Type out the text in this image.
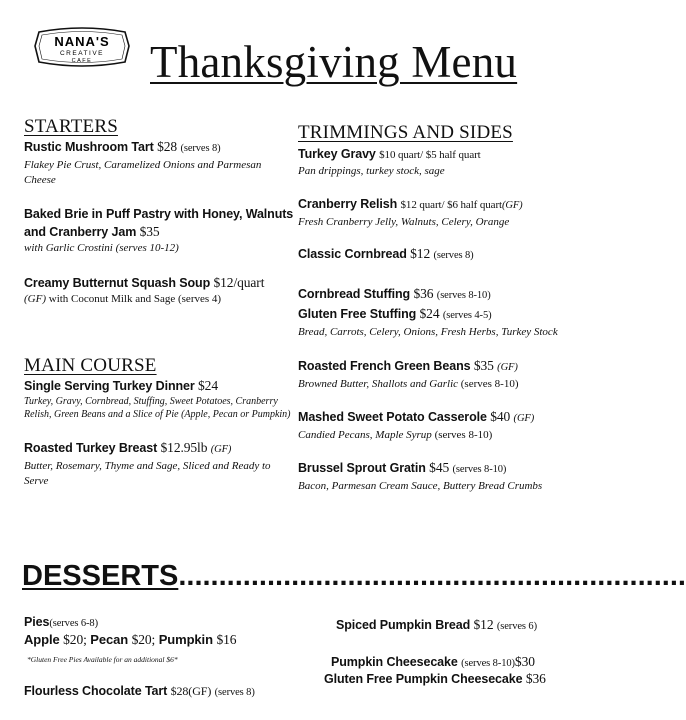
NANA'S
CREATIVE
CAFE Thanksgiving Menu
STARTERS
Rustic Mushroom Tart $28 (serves 8)

Flakey Pie Crust, Caramelized Onions and Parmesan Cheese

Baked Brie in Puff Pastry with Honey, Walnuts and Cranberry Jam $35

with Garlic Crostini (serves 10-12)

Creamy Butternut Squash Soup $12/quart

(GF) with Coconut Milk and Sage (serves 4)

MAIN COURSE
Single Serving Turkey Dinner $24

Turkey, Gravy, Cornbread, Stuffing, Sweet Potatoes, Cranberry Relish, Green Beans and a Slice of Pie (Apple, Pecan or Pumpkin)

Roasted Turkey Breast $12.95lb (GF)

Butter, Rosemary, Thyme and Sage, Sliced and Ready to Serve

TRIMMINGS AND SIDES
Turkey Gravy $10 quart/ $5 half quart

Pan drippings, turkey stock, sage

Cranberry Relish $12 quart/ $6 half quart(GF)

Fresh Cranberry Jelly, Walnuts, Celery, Orange

Classic Cornbread $12 (serves 8)
Cornbread Stuffing $36 (serves 8-10)
Gluten Free Stuffing $24 (serves 4-5)

Bread, Carrots, Celery, Onions, Fresh Herbs, Turkey Stock

Roasted French Green Beans $35 (GF)

Browned Butter, Shallots and Garlic (serves 8-10)

Mashed Sweet Potato Casserole $40 (GF)

Candied Pecans, Maple Syrup (serves 8-10)

Brussel Sprout Gratin $45 (serves 8-10)

Bacon, Parmesan Cream Sauce, Buttery Bread Crumbs

DESSERTS...............................................................
Pies(serves 6-8)
Apple $20; Pecan $20; Pumpkin $16

*Gluten Free Pies Available for an additional $6*

Flourless Chocolate Tart $28(GF) (serves 8)
Spiced Pumpkin Bread $12 (serves 6)
Pumpkin Cheesecake (serves 8-10)$30
Gluten Free Pumpkin Cheesecake $36
